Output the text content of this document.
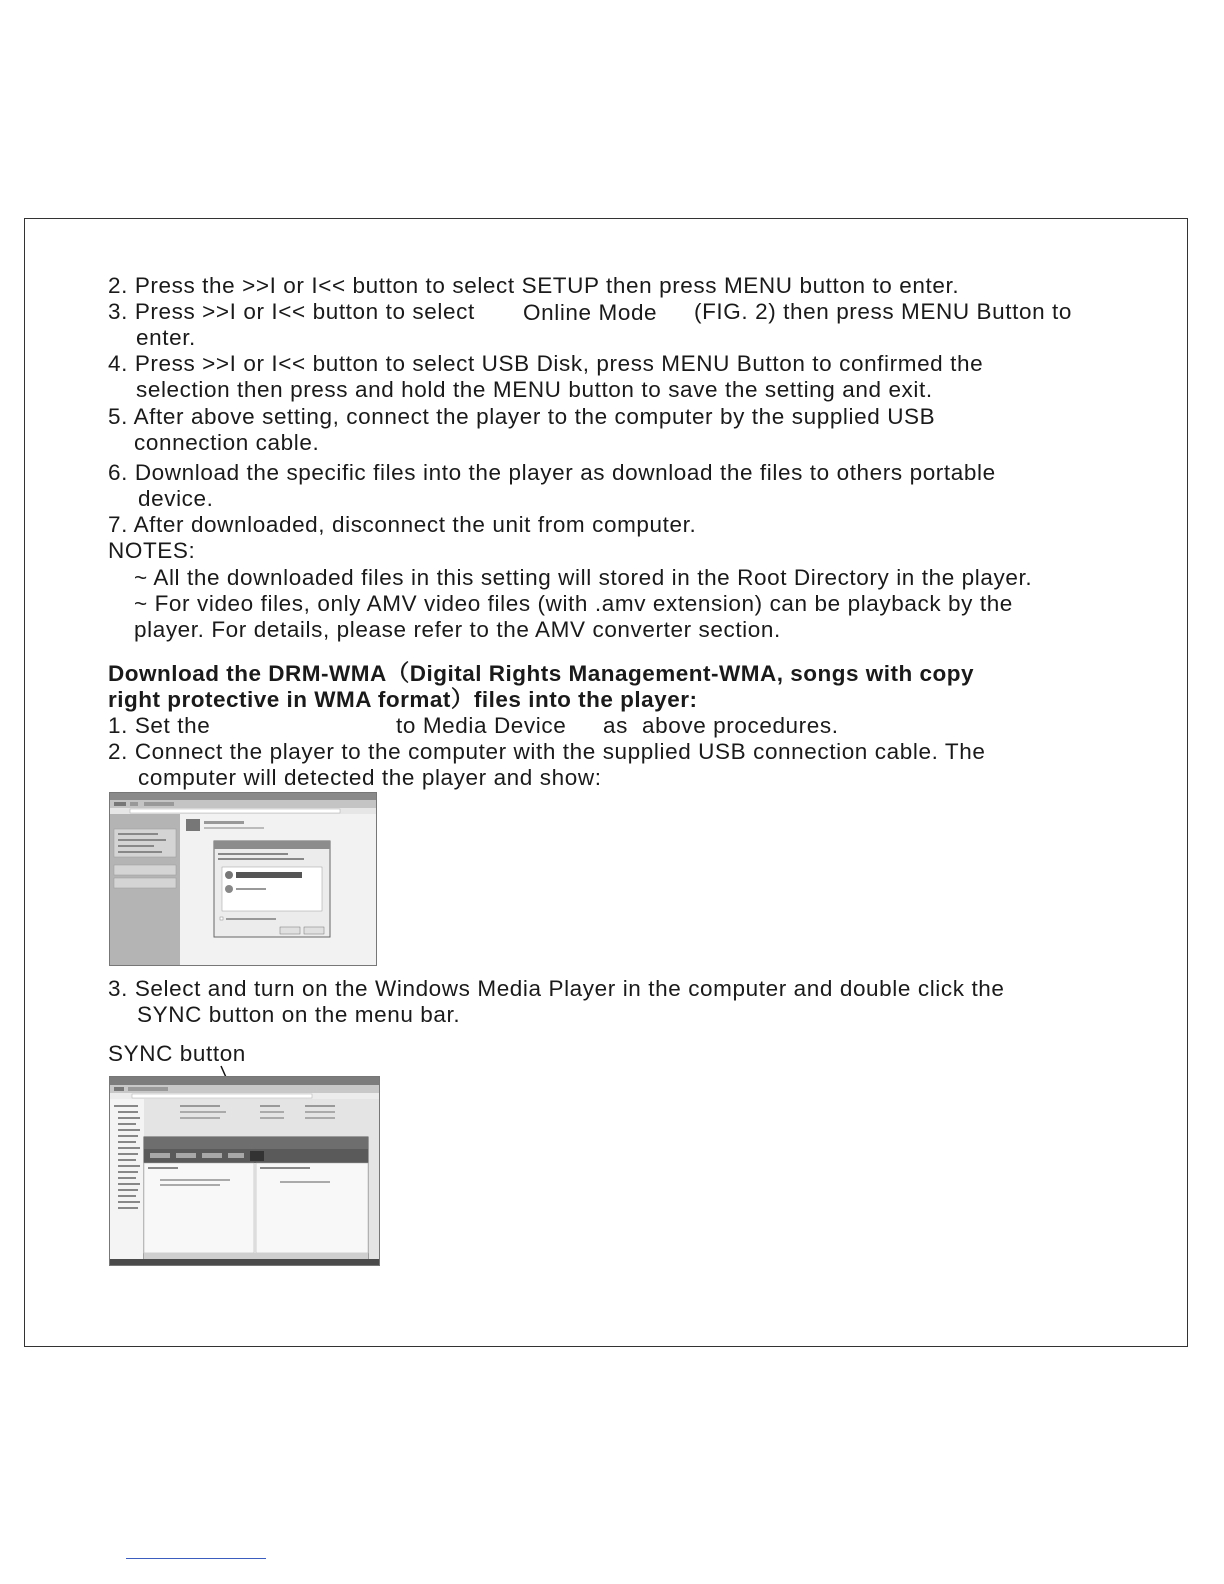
2. Press the >>I or I<< button to select SETUP then press MENU button to enter.
3. Press >>I or I<< button to select Online Mode (FIG. 2) then press MENU Button to
enter.
4. Press >>I or I<< button to select USB Disk, press MENU Button to confirmed the
selection then press and hold the MENU button to save the setting and exit.
5. After above setting, connect the player to the computer by the supplied USB
connection cable.
6. Download the specific files into the player as download the files to others portable
device.
7. After downloaded, disconnect the unit from computer.
NOTES:
~ All the downloaded files in this setting will stored in the Root Directory in the player.
~ For video files, only AMV video files (with .amv extension) can be playback by the
player. For details, please refer to the AMV converter section.
Download the DRM-WMA（Digital Rights Management-WMA, songs with copy
right protective in WMA format）files into the player:
1. Set the	to Media Device as above procedures.
2. Connect the player to the computer with the supplied USB connection cable. The
computer will detected the player and show:
3. Select and turn on the Windows Media Player in the computer and double click the
SYNC button on the menu bar.
SYNC button
